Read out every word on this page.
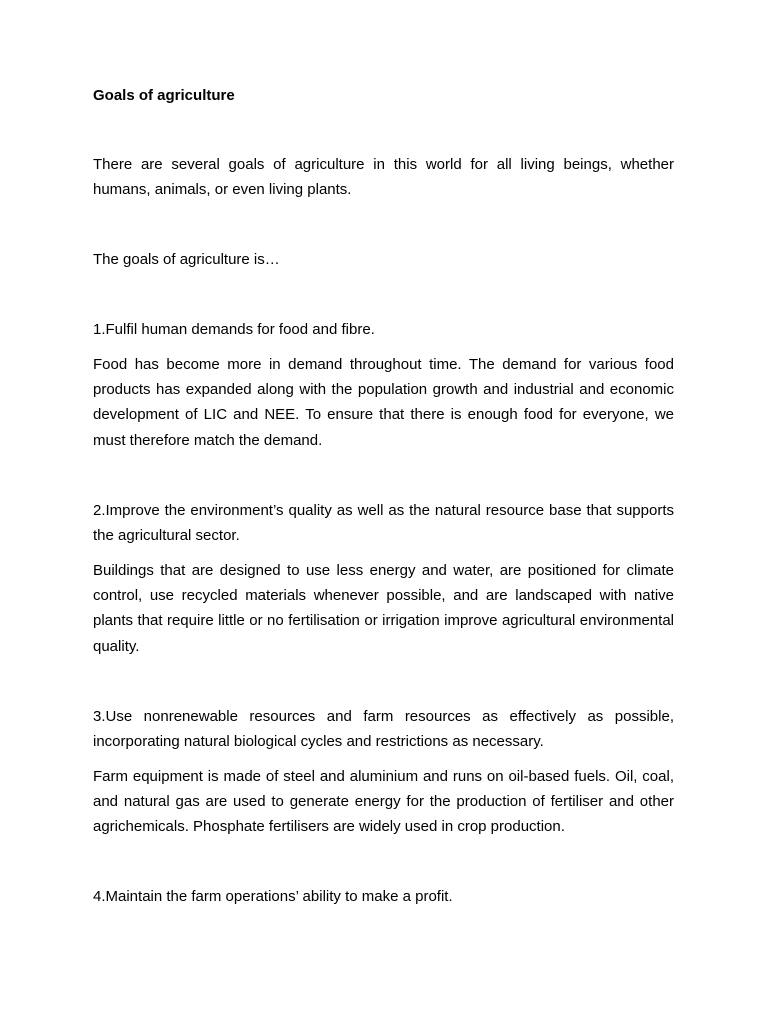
Goals of agriculture

There are several goals of agriculture in this world for all living beings, whether humans, animals, or even living plants.

The goals of agriculture is…

1.Fulfil human demands for food and fibre.

Food has become more in demand throughout time. The demand for various food products has expanded along with the population growth and industrial and economic development of LIC and NEE. To ensure that there is enough food for everyone, we must therefore match the demand.

2.Improve the environment’s quality as well as the natural resource base that supports the agricultural sector.

Buildings that are designed to use less energy and water, are positioned for climate control, use recycled materials whenever possible, and are landscaped with native plants that require little or no fertilisation or irrigation improve agricultural environmental quality.

3.Use nonrenewable resources and farm resources as effectively as possible, incorporating natural biological cycles and restrictions as necessary.

Farm equipment is made of steel and aluminium and runs on oil-based fuels. Oil, coal, and natural gas are used to generate energy for the production of fertiliser and other agrichemicals. Phosphate fertilisers are widely used in crop production.

4.Maintain the farm operations’ ability to make a profit.
